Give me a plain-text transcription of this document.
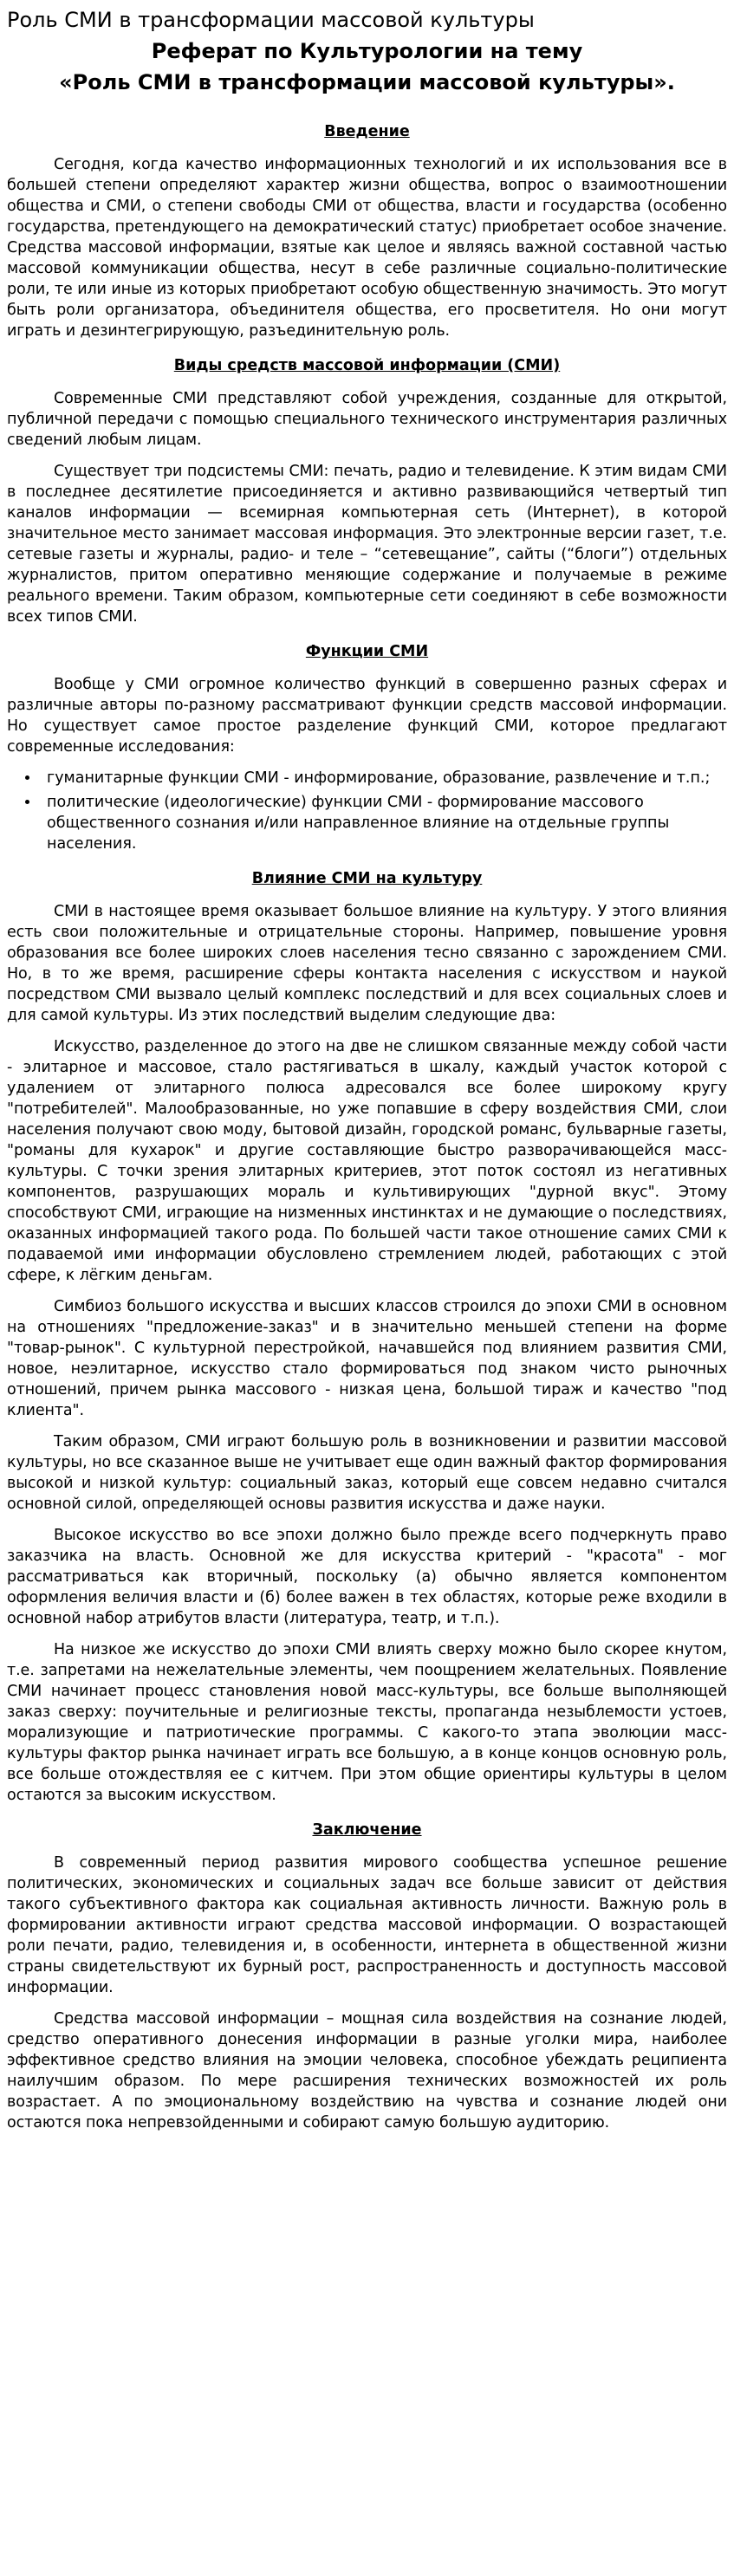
Роль СМИ в трансформации массовой культуры
Реферат по Культурологии на тему
«Роль СМИ в трансформации массовой культуры».
Введение

Сегодня, когда качество информационных технологий и их использования все в большей степени определяют характер жизни общества, вопрос о взаимоотношении общества и СМИ, о степени свободы СМИ от общества, власти и государства (особенно государства, претендующего на демократический статус) приобретает особое значение. Средства массовой информации, взятые как целое и являясь важной составной частью массовой коммуникации общества, несут в себе различные социально-политические роли, те или иные из которых приобретают особую общественную значимость. Это могут быть роли организатора, объединителя общества, его просветителя. Но они могут играть и дезинтегрирующую, разъединительную роль.

Виды средств массовой информации (СМИ)

Современные СМИ представляют собой учреждения, созданные для открытой, публичной передачи с помощью специального технического инструментария различных сведений любым лицам.

Существует три подсистемы СМИ: печать, радио и телевидение. К этим видам СМИ в последнее десятилетие присоединяется и активно развивающийся четвертый тип каналов информации — всемирная компьютерная сеть (Интернет), в которой значительное место занимает массовая информация. Это электронные версии газет, т.е. сетевые газеты и журналы, радио- и теле – “сетевещание”, сайты (“блоги”) отдельных журналистов, притом оперативно меняющие содержание и получаемые в режиме реального времени. Таким образом, компьютерные сети соединяют в себе возможности всех типов СМИ.

Функции СМИ

Вообще у СМИ огромное количество функций в совершенно разных сферах и различные авторы по-разному рассматривают функции средств массовой информации. Но существует самое простое разделение функций СМИ, которое предлагают современные исследования:

• гуманитарные функции СМИ - информирование, образование, развлечение и т.п.;
• политические (идеологические) функции СМИ - формирование массового общественного сознания и/или направленное влияние на отдельные группы населения.
Влияние СМИ на культуру

СМИ в настоящее время оказывает большое влияние на культуру. У этого влияния есть свои положительные и отрицательные стороны. Например, повышение уровня образования все более широких слоев населения тесно связанно с зарождением СМИ. Но, в то же время, расширение сферы контакта населения с искусством и наукой посредством СМИ вызвало целый комплекс последствий и для всех социальных слоев и для самой культуры. Из этих последствий выделим следующие два:

Искусство, разделенное до этого на две не слишком связанные между собой части - элитарное и массовое, стало растягиваться в шкалу, каждый участок которой с удалением от элитарного полюса адресовался все более широкому кругу "потребителей". Малообразованные, но уже попавшие в сферу воздействия СМИ, слои населения получают свою моду, бытовой дизайн, городской романс, бульварные газеты, "романы для кухарок" и другие составляющие быстро разворачивающейся масс-культуры. С точки зрения элитарных критериев, этот поток состоял из негативных компонентов, разрушающих мораль и культивирующих "дурной вкус". Этому способствуют СМИ, играющие на низменных инстинктах и не думающие о последствиях, оказанных информацией такого рода. По большей части такое отношение самих СМИ к подаваемой ими информации обусловлено стремлением людей, работающих с этой сфере, к лёгким деньгам.

Симбиоз большого искусства и высших классов строился до эпохи СМИ в основном на отношениях "предложение-заказ" и в значительно меньшей степени на форме "товар-рынок". С культурной перестройкой, начавшейся под влиянием развития СМИ, новое, неэлитарное, искусство стало формироваться под знаком чисто рыночных отношений, причем рынка массового - низкая цена, большой тираж и качество "под клиента".

Таким образом, СМИ играют большую роль в возникновении и развитии массовой культуры, но все сказанное выше не учитывает еще один важный фактор формирования высокой и низкой культур: социальный заказ, который еще совсем недавно считался основной силой, определяющей основы развития искусства и даже науки.

Высокое искусство во все эпохи должно было прежде всего подчеркнуть право заказчика на власть. Основной же для искусства критерий - "красота" - мог рассматриваться как вторичный, поскольку (а) обычно является компонентом оформления величия власти и (б) более важен в тех областях, которые реже входили в основной набор атрибутов власти (литература, театр, и т.п.).

На низкое же искусство до эпохи СМИ влиять сверху можно было скорее кнутом, т.е. запретами на нежелательные элементы, чем поощрением желательных. Появление СМИ начинает процесс становления новой масс-культуры, все больше выполняющей заказ сверху: поучительные и религиозные тексты, пропаганда незыблемости устоев, морализующие и патриотические программы. С какого-то этапа эволюции масс-культуры фактор рынка начинает играть все большую, а в конце концов основную роль, все больше отождествляя ее с китчем. При этом общие ориентиры культуры в целом остаются за высоким искусством.

Заключение

В современный период развития мирового сообщества успешное решение политических, экономических и социальных задач все больше зависит от действия такого субъективного фактора как социальная активность личности. Важную роль в формировании активности играют средства массовой информации. О возрастающей роли печати, радио, телевидения и, в особенности, интернета в общественной жизни страны свидетельствуют их бурный рост, распространенность и доступность массовой информации.

Средства массовой информации – мощная сила воздействия на сознание людей, средство оперативного донесения информации в разные уголки мира, наиболее эффективное средство влияния на эмоции человека, способное убеждать реципиента наилучшим образом. По мере расширения технических возможностей их роль возрастает. А по эмоциональному воздействию на чувства и сознание людей они остаются пока непревзойденными и собирают самую большую аудиторию.
